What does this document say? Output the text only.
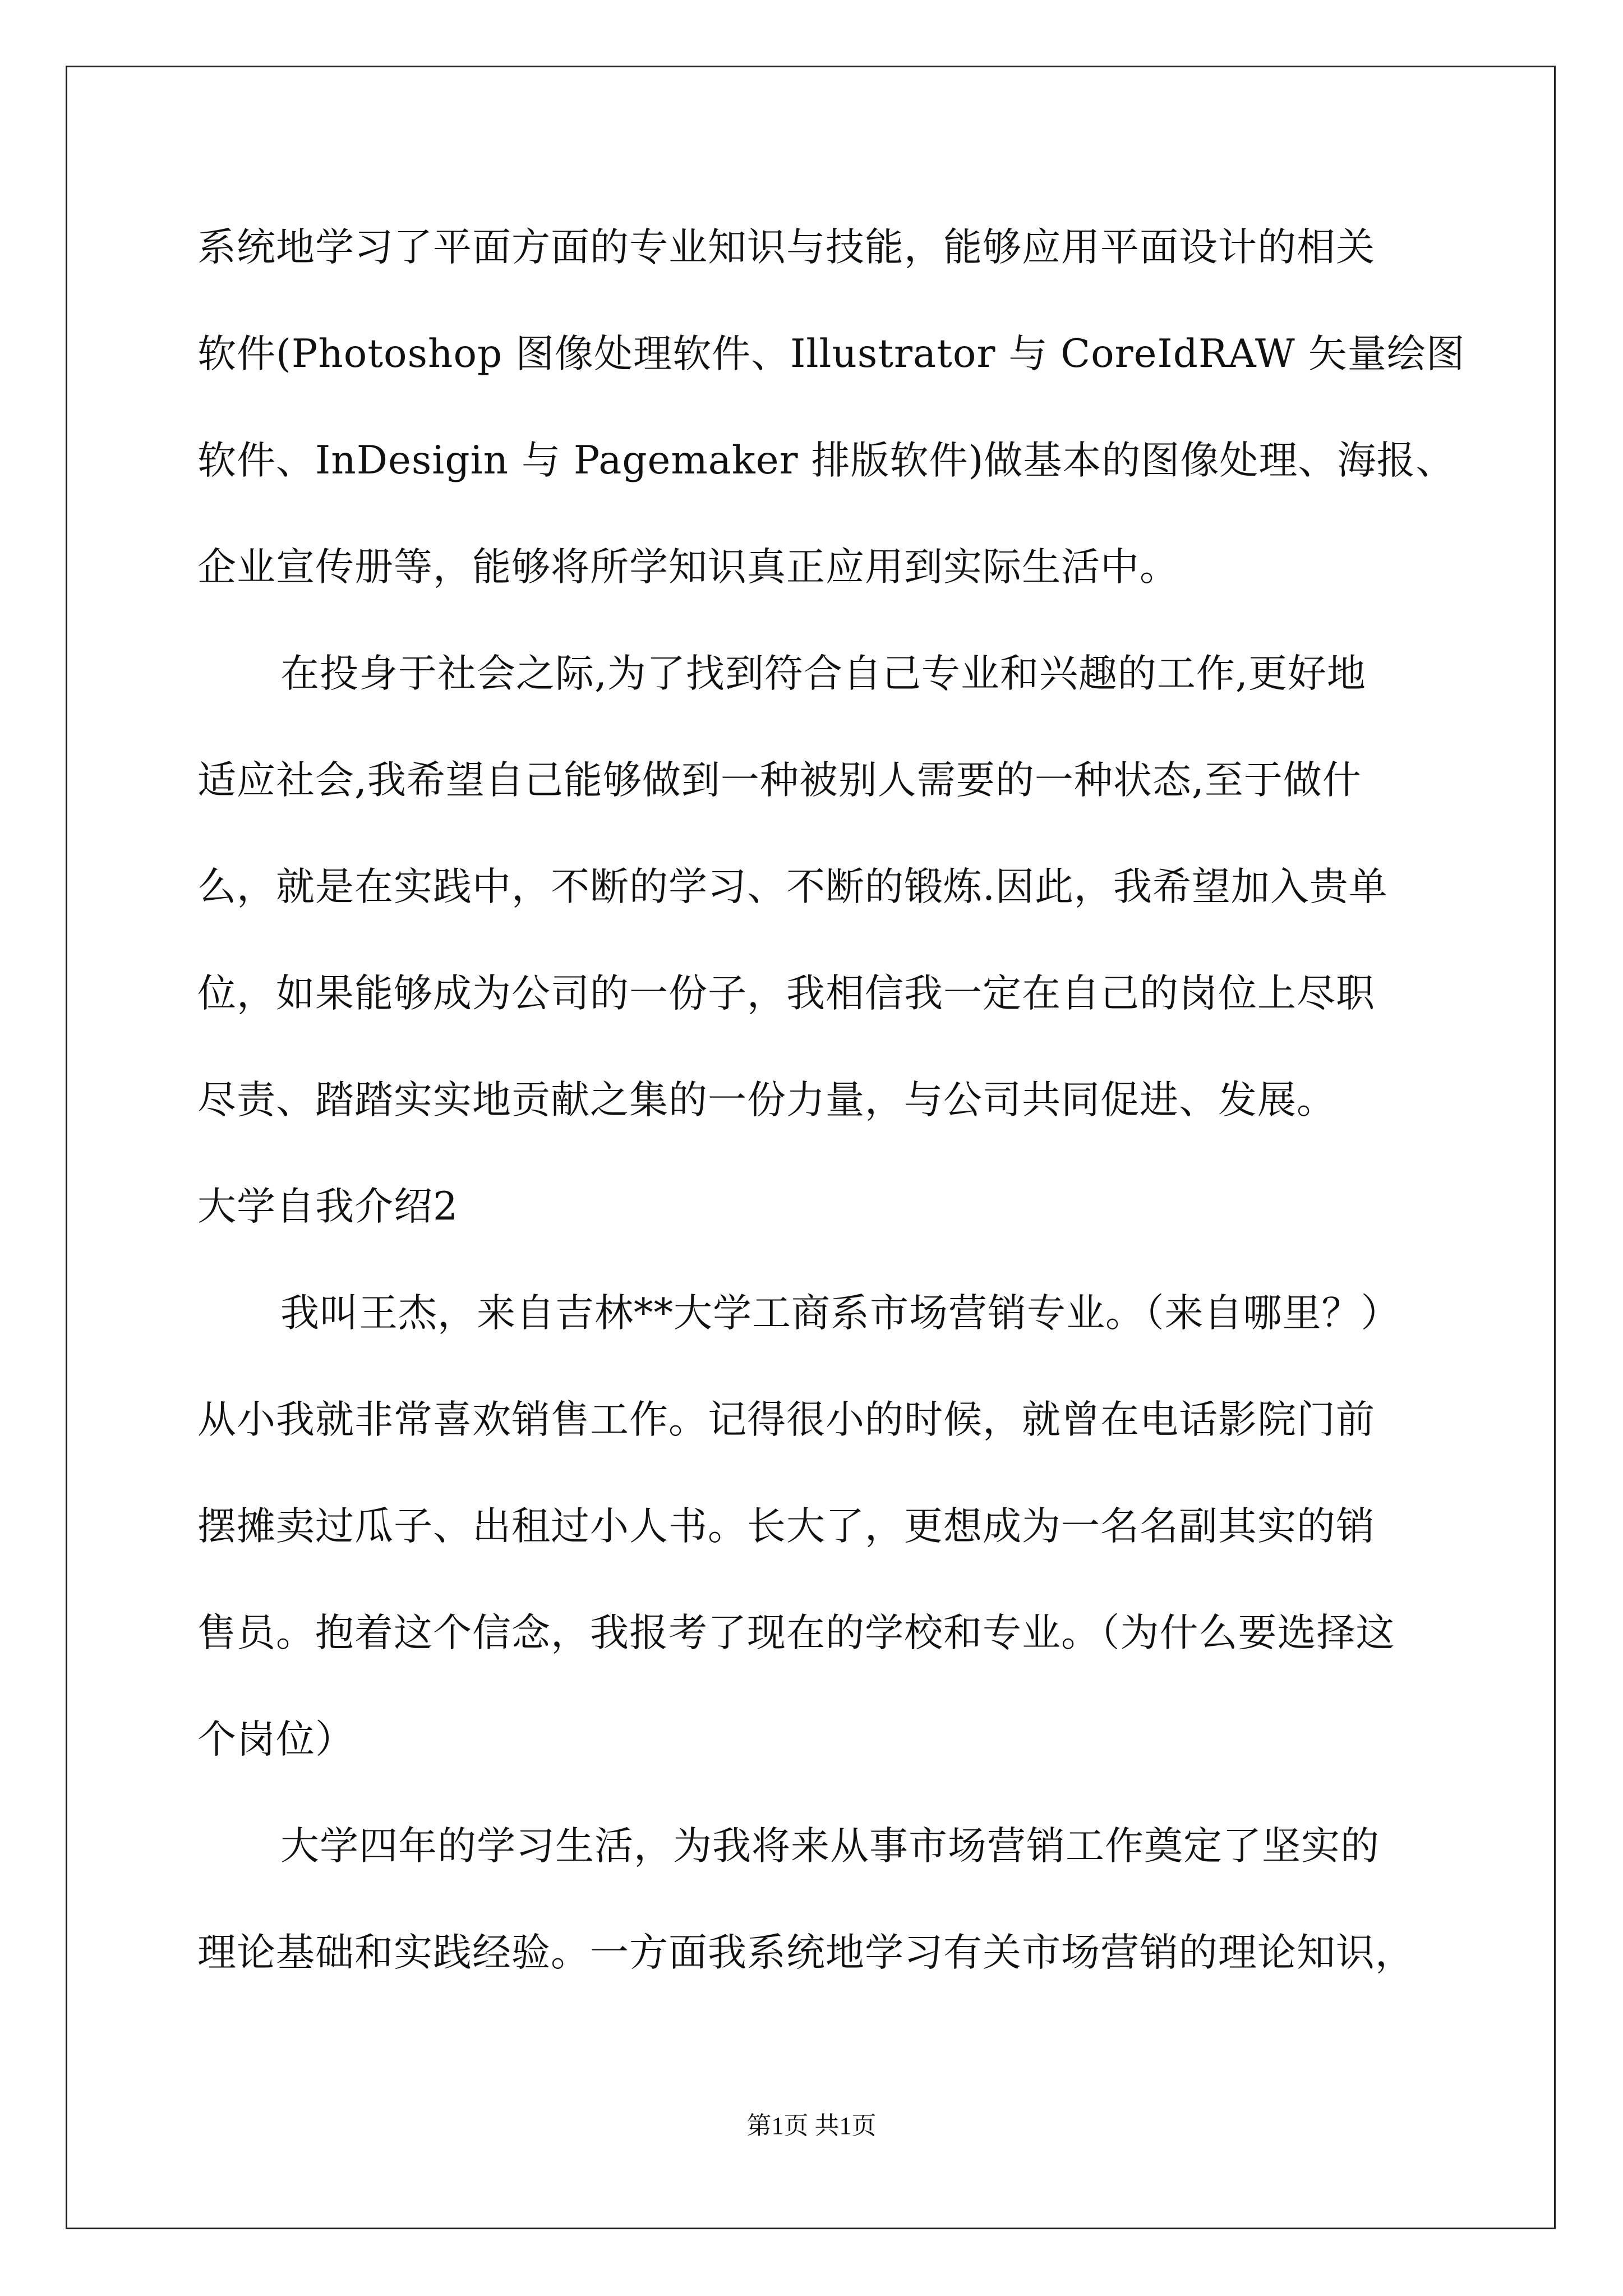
系统地学习了平面方面的专业知识与技能，能够应用平面设计的相关
软件(Photoshop 图像处理软件、Illustrator 与 CoreIdRAW 矢量绘图
软件、InDesigin 与 Pagemaker 排版软件)做基本的图像处理、海报、
企业宣传册等，能够将所学知识真正应用到实际生活中。
在投身于社会之际,为了找到符合自己专业和兴趣的工作,更好地
适应社会,我希望自己能够做到一种被别人需要的一种状态,至于做什
么，就是在实践中，不断的学习、不断的锻炼.因此，我希望加入贵单
位，如果能够成为公司的一份子，我相信我一定在自己的岗位上尽职
尽责、踏踏实实地贡献之集的一份力量，与公司共同促进、发展。
大学自我介绍2
我叫王杰，来自吉林**大学工商系市场营销专业。（来自哪里？）
从小我就非常喜欢销售工作。记得很小的时候，就曾在电话影院门前
摆摊卖过瓜子、出租过小人书。长大了，更想成为一名名副其实的销
售员。抱着这个信念，我报考了现在的学校和专业。（为什么要选择这
个岗位）
大学四年的学习生活，为我将来从事市场营销工作奠定了坚实的
理论基础和实践经验。一方面我系统地学习有关市场营销的理论知识，
第1页 共1页
